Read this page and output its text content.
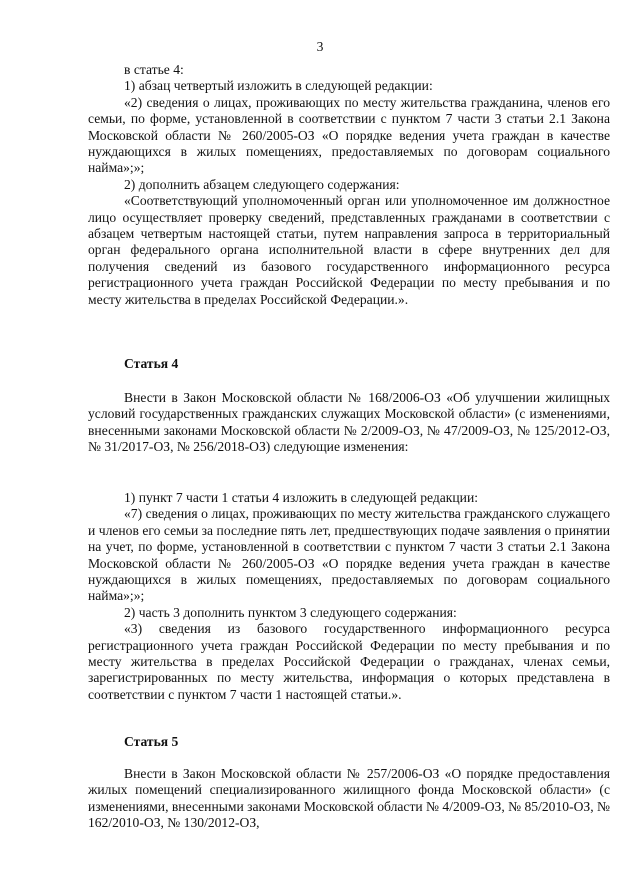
3

в статье 4:

1) абзац четвертый изложить в следующей редакции:

«2) сведения о лицах, проживающих по месту жительства гражданина, членов его семьи, по форме, установленной в соответствии с пунктом 7 части 3 статьи 2.1 Закона Московской области № 260/2005-ОЗ «О порядке ведения учета граждан в качестве нуждающихся в жилых помещениях, предоставляемых по договорам социального найма»;»;

2) дополнить абзацем следующего содержания:

«Соответствующий уполномоченный орган или уполномоченное им должностное лицо осуществляет проверку сведений, представленных гражданами в соответствии с абзацем четвертым настоящей статьи, путем направления запроса в территориальный орган федерального органа исполнительной власти в сфере внутренних дел для получения сведений из базового государственного информационного ресурса регистрационного учета граждан Российской Федерации по месту пребывания и по месту жительства в пределах Российской Федерации.».

Статья 4

Внести в Закон Московской области № 168/2006-ОЗ «Об улучшении жилищных условий государственных гражданских служащих Московской области» (с изменениями, внесенными законами Московской области № 2/2009-ОЗ, № 47/2009-ОЗ, № 125/2012-ОЗ, № 31/2017-ОЗ, № 256/2018-ОЗ) следующие изменения:

1) пункт 7 части 1 статьи 4 изложить в следующей редакции:

«7) сведения о лицах, проживающих по месту жительства гражданского служащего и членов его семьи за последние пять лет, предшествующих подаче заявления о принятии на учет, по форме, установленной в соответствии с пунктом 7 части 3 статьи 2.1 Закона Московской области № 260/2005-ОЗ «О порядке ведения учета граждан в качестве нуждающихся в жилых помещениях, предоставляемых по договорам социального найма»;»;

2) часть 3 дополнить пунктом 3 следующего содержания:

«3) сведения из базового государственного информационного ресурса регистрационного учета граждан Российской Федерации по месту пребывания и по месту жительства в пределах Российской Федерации о гражданах, членах семьи, зарегистрированных по месту жительства, информация о которых представлена в соответствии с пунктом 7 части 1 настоящей статьи.».

Статья 5

Внести в Закон Московской области № 257/2006-ОЗ «О порядке предоставления жилых помещений специализированного жилищного фонда Московской области» (с изменениями, внесенными законами Московской области № 4/2009-ОЗ, № 85/2010-ОЗ, № 162/2010-ОЗ, № 130/2012-ОЗ,
